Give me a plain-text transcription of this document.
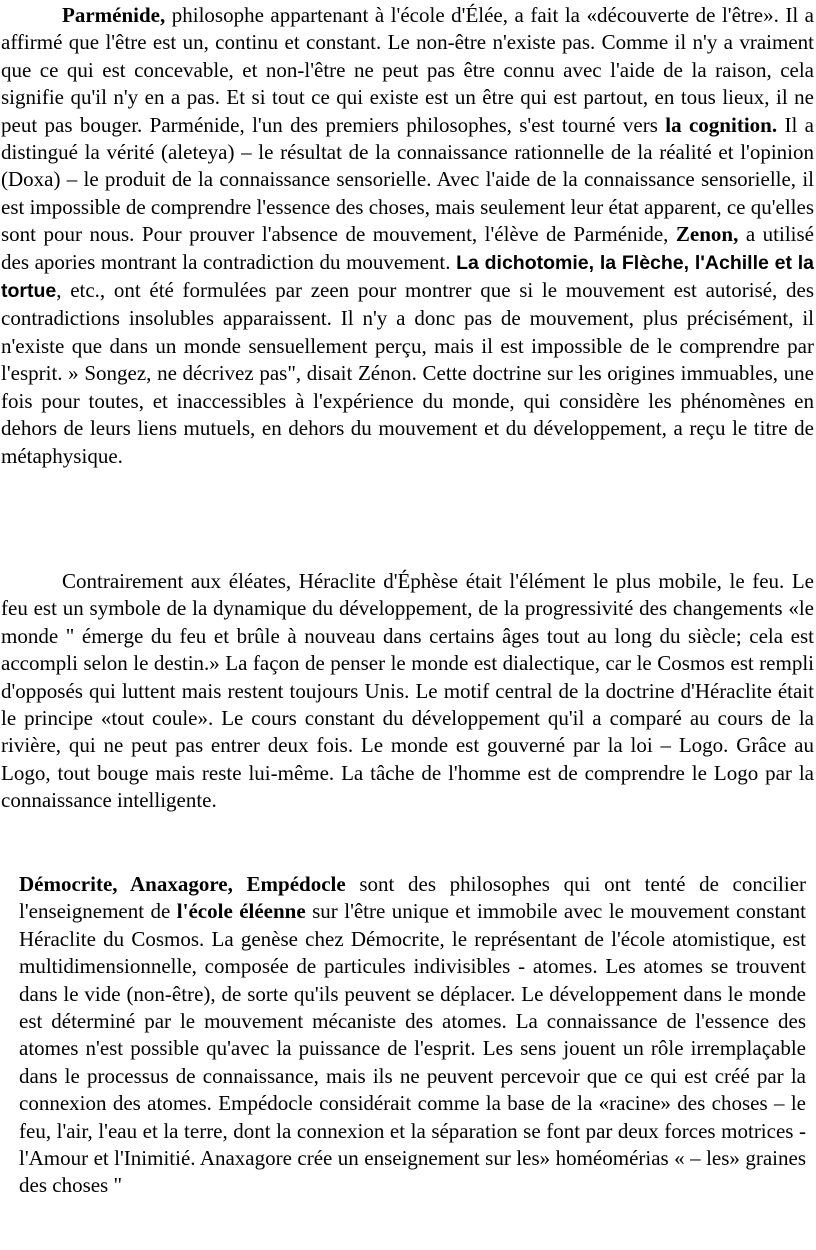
Parménide, philosophe appartenant à l'école d'Élée, a fait la «découverte de l'être». Il a affirmé que l'être est un, continu et constant. Le non-être n'existe pas. Comme il n'y a vraiment que ce qui est concevable, et non-l'être ne peut pas être connu avec l'aide de la raison, cela signifie qu'il n'y en a pas. Et si tout ce qui existe est un être qui est partout, en tous lieux, il ne peut pas bouger. Parménide, l'un des premiers philosophes, s'est tourné vers la cognition. Il a distingué la vérité (aleteya) – le résultat de la connaissance rationnelle de la réalité et l'opinion (Doxa) – le produit de la connaissance sensorielle. Avec l'aide de la connaissance sensorielle, il est impossible de comprendre l'essence des choses, mais seulement leur état apparent, ce qu'elles sont pour nous. Pour prouver l'absence de mouvement, l'élève de Parménide, Zenon, a utilisé des apories montrant la contradiction du mouvement. La dichotomie, la Flèche, l'Achille et la tortue, etc., ont été formulées par zeen pour montrer que si le mouvement est autorisé, des contradictions insolubles apparaissent. Il n'y a donc pas de mouvement, plus précisément, il n'existe que dans un monde sensuellement perçu, mais il est impossible de le comprendre par l'esprit. » Songez, ne décrivez pas", disait Zénon. Cette doctrine sur les origines immuables, une fois pour toutes, et inaccessibles à l'expérience du monde, qui considère les phénomènes en dehors de leurs liens mutuels, en dehors du mouvement et du développement, a reçu le titre de métaphysique.

Contrairement aux éléates, Héraclite d'Éphèse était l'élément le plus mobile, le feu. Le feu est un symbole de la dynamique du développement, de la progressivité des changements «le monde " émerge du feu et brûle à nouveau dans certains âges tout au long du siècle; cela est accompli selon le destin.» La façon de penser le monde est dialectique, car le Cosmos est rempli d'opposés qui luttent mais restent toujours Unis. Le motif central de la doctrine d'Héraclite était le principe «tout coule». Le cours constant du développement qu'il a comparé au cours de la rivière, qui ne peut pas entrer deux fois. Le monde est gouverné par la loi – Logo. Grâce au Logo, tout bouge mais reste lui-même. La tâche de l'homme est de comprendre le Logo par la connaissance intelligente.

Démocrite, Anaxagore, Empédocle sont des philosophes qui ont tenté de concilier l'enseignement de l'école éléenne sur l'être unique et immobile avec le mouvement constant Héraclite du Cosmos. La genèse chez Démocrite, le représentant de l'école atomistique, est multidimensionnelle, composée de particules indivisibles - atomes. Les atomes se trouvent dans le vide (non-être), de sorte qu'ils peuvent se déplacer. Le développement dans le monde est déterminé par le mouvement mécaniste des atomes. La connaissance de l'essence des atomes n'est possible qu'avec la puissance de l'esprit. Les sens jouent un rôle irremplaçable dans le processus de connaissance, mais ils ne peuvent percevoir que ce qui est créé par la connexion des atomes. Empédocle considérait comme la base de la «racine» des choses – le feu, l'air, l'eau et la terre, dont la connexion et la séparation se font par deux forces motrices - l'Amour et l'Inimitié. Anaxagore crée un enseignement sur les» homéomérias « – les» graines des choses "
